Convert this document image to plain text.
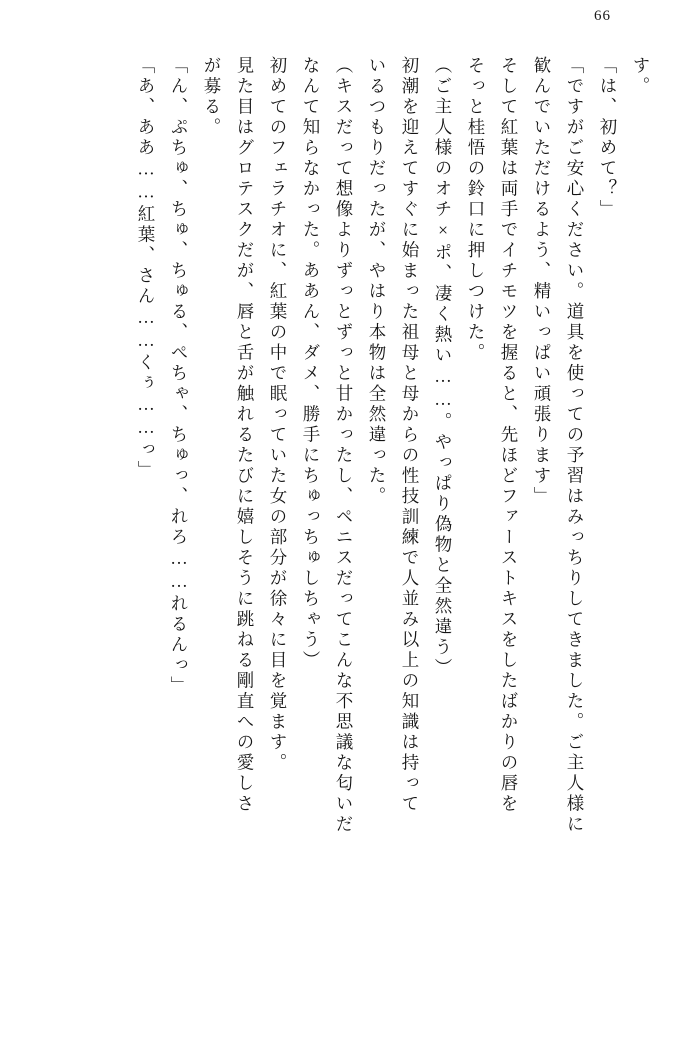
66
す。
「は、初めて？」
「ですがご安心ください。道具を使っての予習はみっちりしてきました。ご主人様に
歓んでいただけるよう、精いっぱい頑張ります」
そして紅葉は両手でイチモツを握ると、先ほどファーストキスをしたばかりの唇を
そっと桂悟の鈴口に押しつけた。
（ご主人様のオチ×ポ、凄く熱い……。やっぱり偽物と全然違う）
初潮を迎えてすぐに始まった祖母と母からの性技訓練で人並み以上の知識は持って
いるつもりだったが、やはり本物は全然違った。
（キスだって想像よりずっとずっと甘かったし、ペニスだってこんな不思議な匂いだ
なんて知らなかった。ああん、ダメ、勝手にちゅっちゅしちゃう）
初めてのフェラチオに、紅葉の中で眠っていた女の部分が徐々に目を覚ます。
見た目はグロテスクだが、唇と舌が触れるたびに嬉しそうに跳ねる剛直への愛しさ
が募る。
「ん、ぷちゅ、ちゅ、ちゅる、ぺちゃ、ちゅっ、れろ……れるんっ」
「あ、ああ……紅葉、さん……くぅ……っ」
